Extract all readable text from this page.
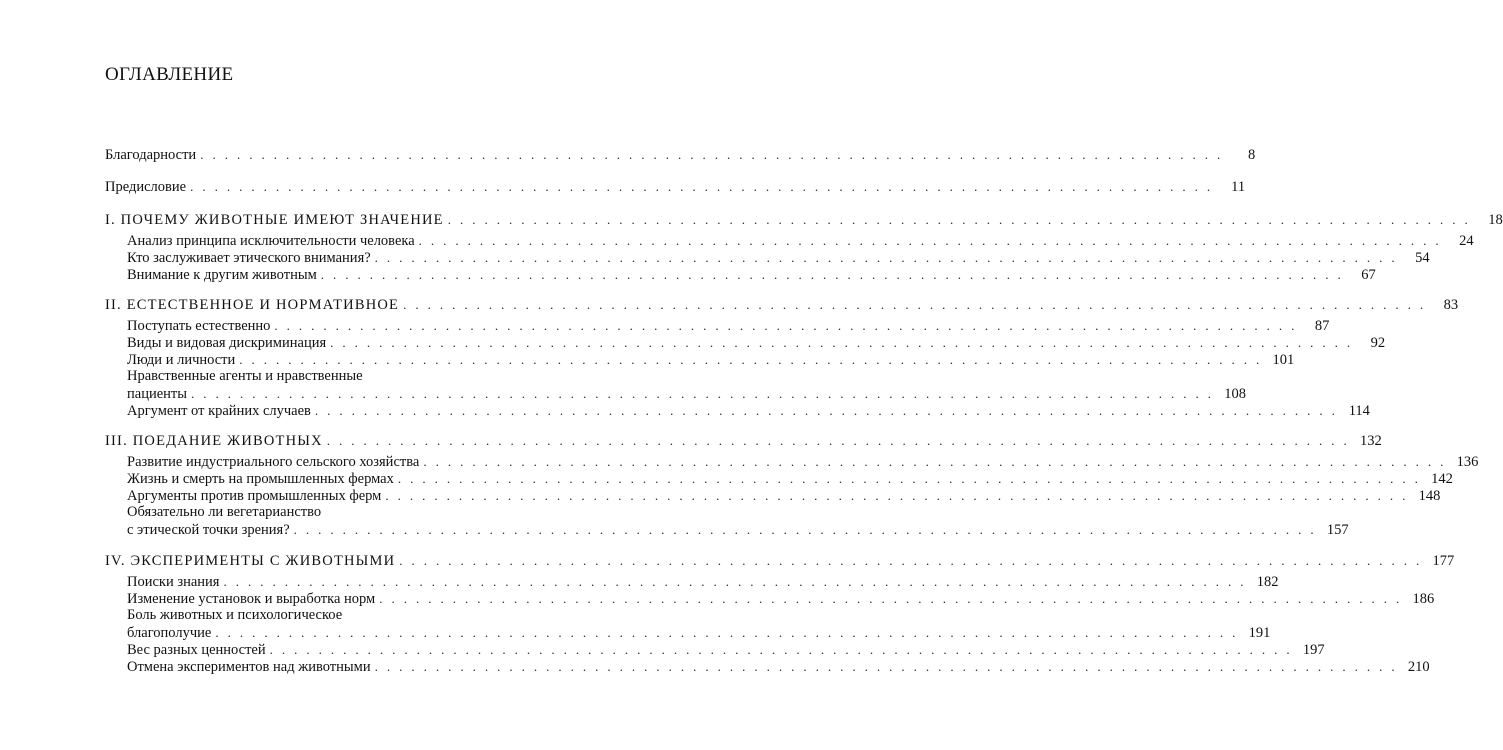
ОГЛАВЛЕНИЕ
Благодарности ....................................................................................	8
Предисловие .................................................................................... 11
I. ПОЧЕМУ ЖИВОТНЫЕ ИМЕЮТ ЗНАЧЕНИЕ .................................................................................... 18
Анализ принципа исключительности человека .................................................................................... 24
Кто заслуживает этического внимания? .................................................................................... 54
Внимание к другим животным .................................................................................... 67
II. ЕСТЕСТВЕННОЕ И НОРМАТИВНОЕ .................................................................................... 83
Поступать естественно .................................................................................... 87
Виды и видовая дискриминация .................................................................................... 92
Люди и личности .................................................................................... 101
Нравственные агенты и нравственные
пациенты .................................................................................... 108
Аргумент от крайних случаев .................................................................................... 114
III. ПОЕДАНИЕ ЖИВОТНЫХ .................................................................................... 132
Развитие индустриального сельского хозяйства .................................................................................... 136
Жизнь и смерть на промышленных фермах .................................................................................... 142
Аргументы против промышленных ферм .................................................................................... 148
Обязательно ли вегетарианство
с этической точки зрения? .................................................................................... 157
IV. ЭКСПЕРИМЕНТЫ С ЖИВОТНЫМИ .................................................................................... 177
Поиски знания .................................................................................... 182
Изменение установок и выработка норм .................................................................................... 186
Боль животных и психологическое
благополучие .................................................................................... 191
Вес разных ценностей .................................................................................... 197
Отмена экспериментов над животными .................................................................................... 210
